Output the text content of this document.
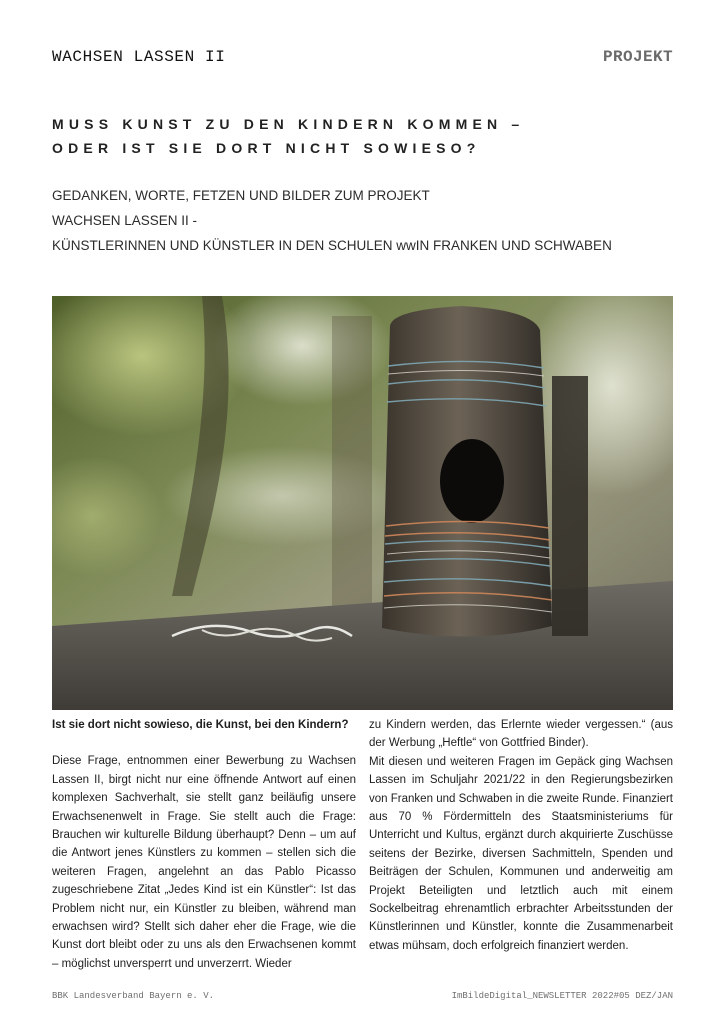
WACHSEN LASSEN II	PROJEKT
MUSS KUNST ZU DEN KINDERN KOMMEN –
ODER IST SIE DORT NICHT SOWIESO?
GEDANKEN, WORTE, FETZEN UND BILDER ZUM PROJEKT
WACHSEN LASSEN II -
KÜNSTLERINNEN UND KÜNSTLER IN DEN SCHULEN wwIN FRANKEN UND SCHWABEN

Ist sie dort nicht sowieso, die Kunst, bei den Kindern?

Diese Frage, entnommen einer Bewerbung zu Wachsen Lassen II, birgt nicht nur eine öffnende Antwort auf einen komplexen Sachverhalt, sie stellt ganz beiläufig unsere Erwachsenenwelt in Frage. Sie stellt auch die Frage: Brauchen wir kulturelle Bildung überhaupt? Denn – um auf die Antwort jenes Künstlers zu kommen – stellen sich die weiteren Fragen, angelehnt an das Pablo Picasso zugeschriebene Zitat „Jedes Kind ist ein Künstler“: Ist das Problem nicht nur, ein Künstler zu bleiben, während man erwachsen wird? Stellt sich daher eher die Frage, wie die Kunst dort bleibt oder zu uns als den Erwachsenen kommt – möglichst unversperrt und unverzerrt. Wieder

zu Kindern werden, das Erlernte wieder vergessen.“ (aus der Werbung „Heftle“ von Gottfried Binder).

Mit diesen und weiteren Fragen im Gepäck ging Wachsen Lassen im Schuljahr 2021/22 in den Regierungsbezirken von Franken und Schwaben in die zweite Runde. Finanziert aus 70 % Fördermitteln des Staatsministeriums für Unterricht und Kultus, ergänzt durch akquirierte Zuschüsse seitens der Bezirke, diversen Sachmitteln, Spenden und Beiträgen der Schulen, Kommunen und anderweitig am Projekt Beteiligten und letztlich auch mit einem Sockelbeitrag ehrenamtlich erbrachter Arbeitsstunden der Künstlerinnen und Künstler, konnte die Zusammenarbeit etwas mühsam, doch erfolgreich finanziert werden.

BBK Landesverband Bayern e. V.	ImBildeDigital_NEWSLETTER 2022#05 DEZ/JAN
